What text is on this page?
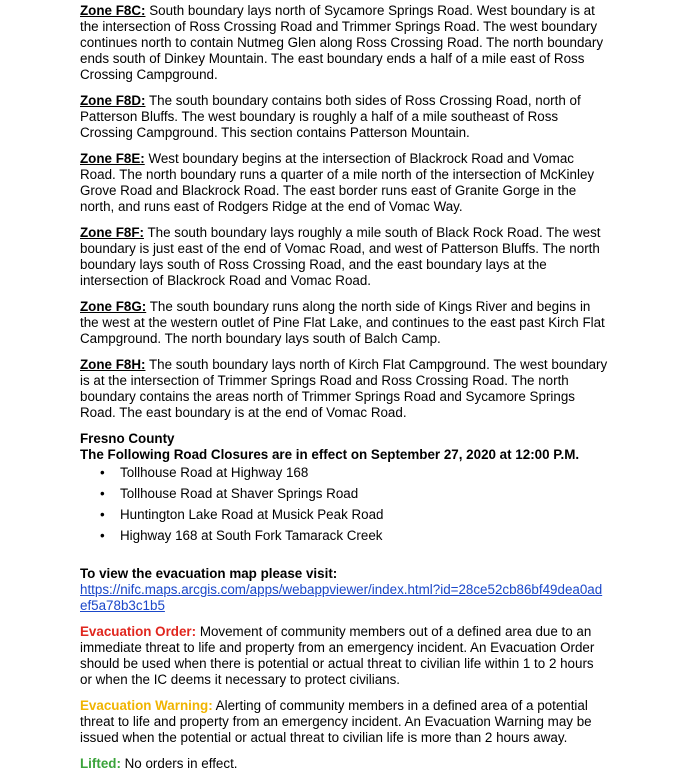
Zone F8C: South boundary lays north of Sycamore Springs Road. West boundary is at the intersection of Ross Crossing Road and Trimmer Springs Road. The west boundary continues north to contain Nutmeg Glen along Ross Crossing Road. The north boundary ends south of Dinkey Mountain. The east boundary ends a half of a mile east of Ross Crossing Campground.

Zone F8D: The south boundary contains both sides of Ross Crossing Road, north of Patterson Bluffs. The west boundary is roughly a half of a mile southeast of Ross Crossing Campground. This section contains Patterson Mountain.

Zone F8E: West boundary begins at the intersection of Blackrock Road and Vomac Road. The north boundary runs a quarter of a mile north of the intersection of McKinley Grove Road and Blackrock Road. The east border runs east of Granite Gorge in the north, and runs east of Rodgers Ridge at the end of Vomac Way.

Zone F8F: The south boundary lays roughly a mile south of Black Rock Road. The west boundary is just east of the end of Vomac Road, and west of Patterson Bluffs. The north boundary lays south of Ross Crossing Road, and the east boundary lays at the intersection of Blackrock Road and Vomac Road.

Zone F8G: The south boundary runs along the north side of Kings River and begins in the west at the western outlet of Pine Flat Lake, and continues to the east past Kirch Flat Campground. The north boundary lays south of Balch Camp.

Zone F8H: The south boundary lays north of Kirch Flat Campground. The west boundary is at the intersection of Trimmer Springs Road and Ross Crossing Road. The north boundary contains the areas north of Trimmer Springs Road and Sycamore Springs Road. The east boundary is at the end of Vomac Road.

Fresno County
The Following Road Closures are in effect on September 27, 2020 at 12:00 P.M.
• Tollhouse Road at Highway 168
• Tollhouse Road at Shaver Springs Road
• Huntington Lake Road at Musick Peak Road
• Highway 168 at South Fork Tamarack Creek
To view the evacuation map please visit:
https://nifc.maps.arcgis.com/apps/webappviewer/index.html?id=28ce52cb86bf49dea0adef5a78b3c1b5

Evacuation Order: Movement of community members out of a defined area due to an immediate threat to life and property from an emergency incident. An Evacuation Order should be used when there is potential or actual threat to civilian life within 1 to 2 hours or when the IC deems it necessary to protect civilians.

Evacuation Warning: Alerting of community members in a defined area of a potential threat to life and property from an emergency incident. An Evacuation Warning may be issued when the potential or actual threat to civilian life is more than 2 hours away.

Lifted: No orders in effect.
